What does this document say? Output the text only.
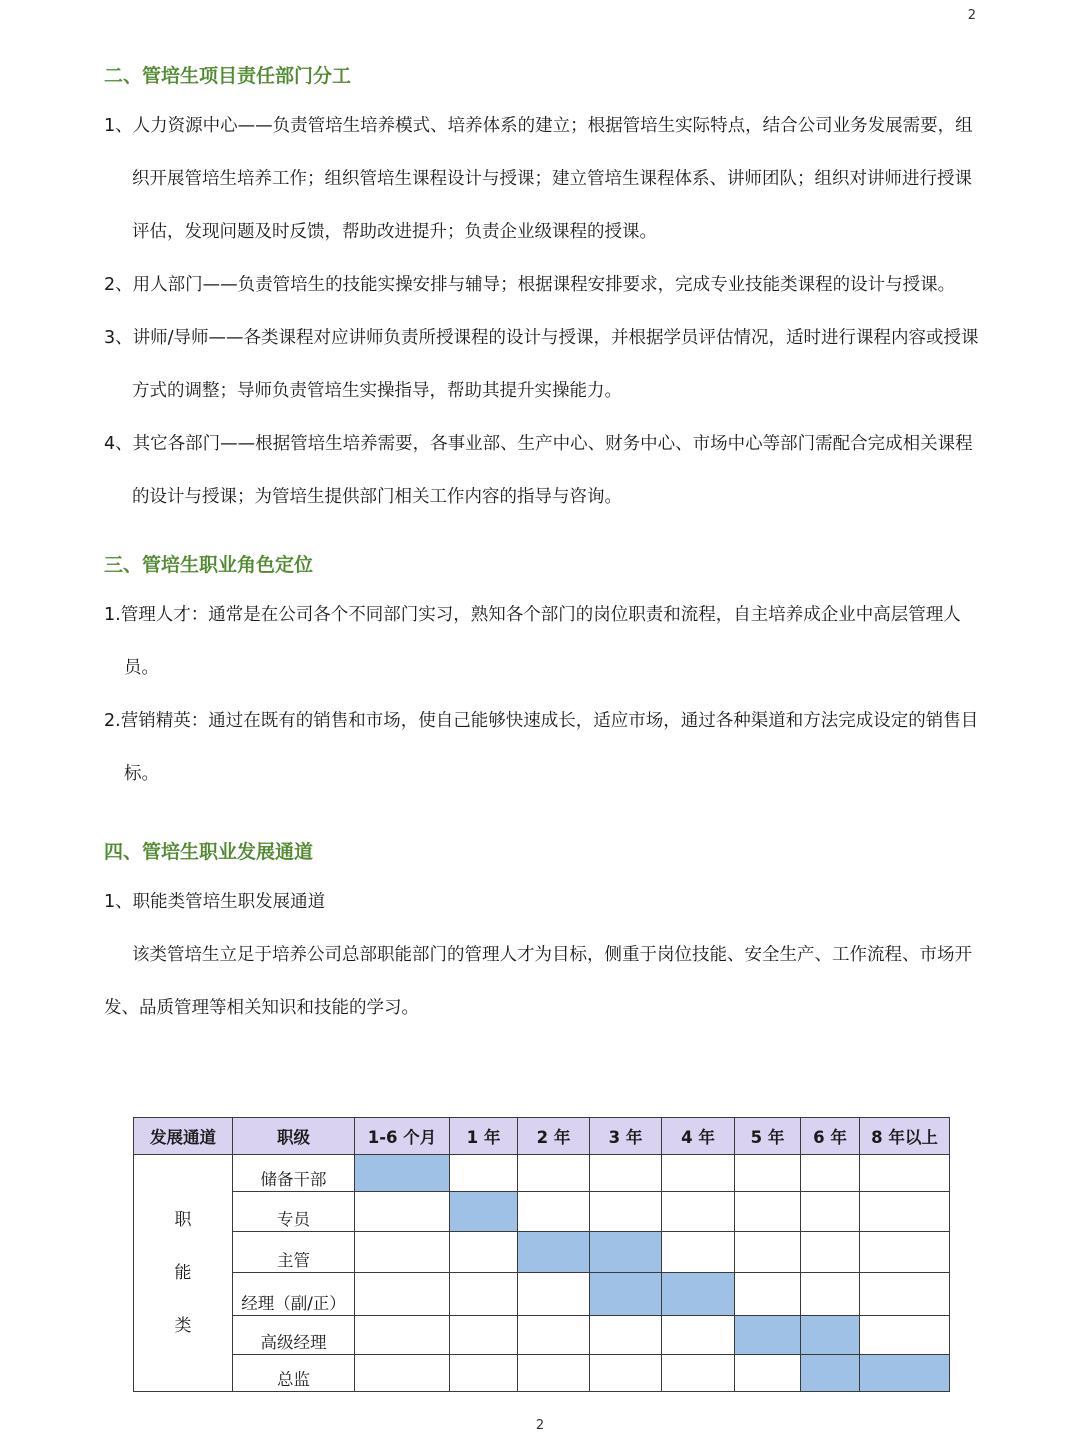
2
二、管培生项目责任部门分工

1、人力资源中心——负责管培生培养模式、培养体系的建立；根据管培生实际特点，结合公司业务发展需要，组织开展管培生培养工作；组织管培生课程设计与授课；建立管培生课程体系、讲师团队；组织对讲师进行授课评估，发现问题及时反馈，帮助改进提升；负责企业级课程的授课。

2、用人部门——负责管培生的技能实操安排与辅导；根据课程安排要求，完成专业技能类课程的设计与授课。

3、讲师/导师——各类课程对应讲师负责所授课程的设计与授课，并根据学员评估情况，适时进行课程内容或授课方式的调整；导师负责管培生实操指导，帮助其提升实操能力。

4、其它各部门——根据管培生培养需要，各事业部、生产中心、财务中心、市场中心等部门需配合完成相关课程的设计与授课；为管培生提供部门相关工作内容的指导与咨询。

三、管培生职业角色定位

1.管理人才：通常是在公司各个不同部门实习，熟知各个部门的岗位职责和流程，自主培养成企业中高层管理人员。

2.营销精英：通过在既有的销售和市场，使自己能够快速成长，适应市场，通过各种渠道和方法完成设定的销售目标。

四、管培生职业发展通道

1、职能类管培生职发展通道

该类管培生立足于培养公司总部职能部门的管理人才为目标，侧重于岗位技能、安全生产、工作流程、市场开发、品质管理等相关知识和技能的学习。

发展通道	职级	1-6 个月	1 年	2 年	3 年	4 年	5 年	6 年	8 年以上

职
能
类	储备干部								
	专员								
	主管								
	经理（副/正）								
	高级经理								
	总监								
2
